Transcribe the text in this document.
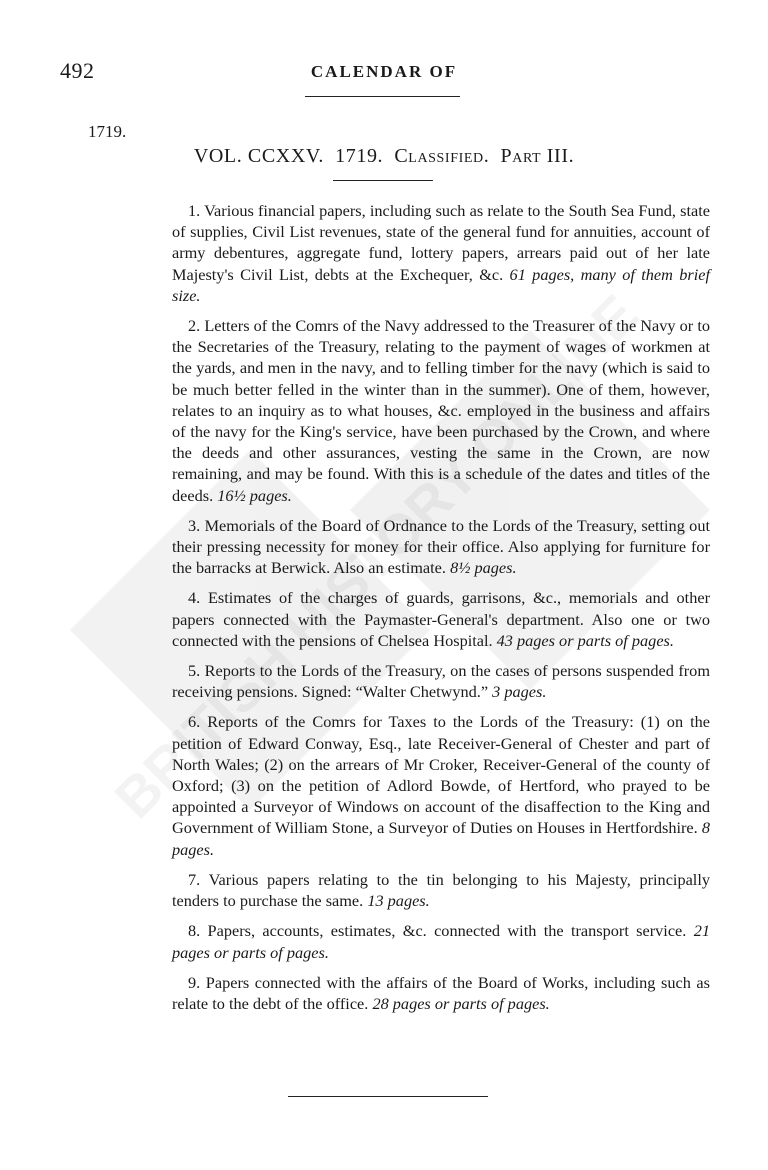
492	CALENDAR OF
1719.
VOL. CCXXV. 1719. Classified. Part III.

1. Various financial papers, including such as relate to the South Sea Fund, state of supplies, Civil List revenues, state of the general fund for annuities, account of army debentures, aggregate fund, lottery papers, arrears paid out of her late Majesty's Civil List, debts at the Exchequer, &c. 61 pages, many of them brief size.

2. Letters of the Comrs of the Navy addressed to the Treasurer of the Navy or to the Secretaries of the Treasury, relating to the payment of wages of workmen at the yards, and men in the navy, and to felling timber for the navy (which is said to be much better felled in the winter than in the summer). One of them, however, relates to an inquiry as to what houses, &c. employed in the business and affairs of the navy for the King's service, have been purchased by the Crown, and where the deeds and other assurances, vesting the same in the Crown, are now remaining, and may be found. With this is a schedule of the dates and titles of the deeds. 16½ pages.

3. Memorials of the Board of Ordnance to the Lords of the Treasury, setting out their pressing necessity for money for their office. Also applying for furniture for the barracks at Berwick. Also an estimate. 8½ pages.

4. Estimates of the charges of guards, garrisons, &c., memorials and other papers connected with the Paymaster-General's department. Also one or two connected with the pensions of Chelsea Hospital. 43 pages or parts of pages.

5. Reports to the Lords of the Treasury, on the cases of persons suspended from receiving pensions. Signed: “Walter Chetwynd.” 3 pages.

6. Reports of the Comrs for Taxes to the Lords of the Treasury: (1) on the petition of Edward Conway, Esq., late Receiver-General of Chester and part of North Wales; (2) on the arrears of Mr Croker, Receiver-General of the county of Oxford; (3) on the petition of Adlord Bowde, of Hertford, who prayed to be appointed a Surveyor of Windows on account of the disaffection to the King and Government of William Stone, a Surveyor of Duties on Houses in Hertfordshire. 8 pages.

7. Various papers relating to the tin belonging to his Majesty, principally tenders to purchase the same. 13 pages.

8. Papers, accounts, estimates, &c. connected with the transport service. 21 pages or parts of pages.

9. Papers connected with the affairs of the Board of Works, including such as relate to the debt of the office. 28 pages or parts of pages.
